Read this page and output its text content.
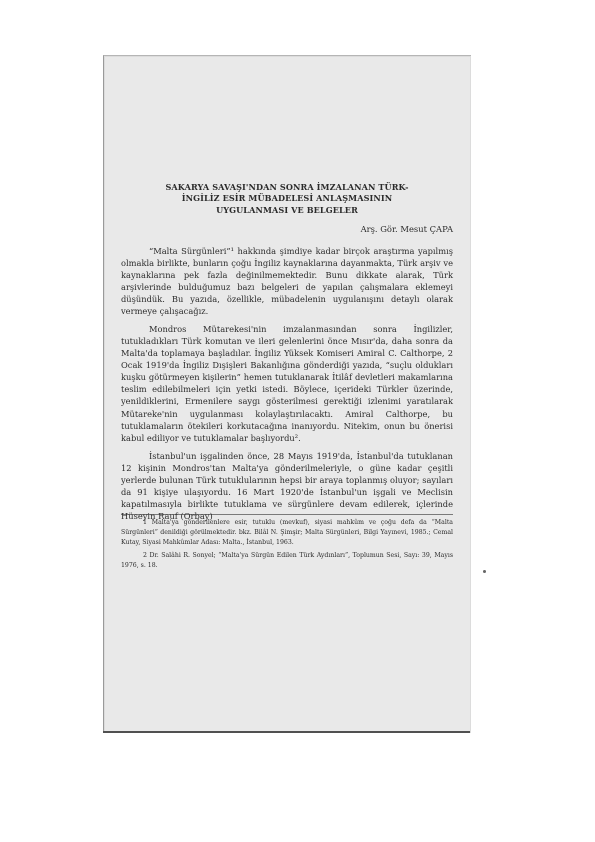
SAKARYA SAVAŞI'NDAN SONRA İMZALANAN TÜRK-

İNGİLİZ ESİR MÜBADELESİ ANLAŞMASININ

UYGULANMASI VE BELGELER

Arş. Gör. Mesut ÇAPA

“Malta Sürgünleri”¹ hakkında şimdiye kadar birçok araştırma yapılmış olmakla birlikte, bunların çoğu İngiliz kaynaklarına dayanmakta, Türk arşiv ve kaynaklarına pek fazla değinilmemektedir. Bunu dikkate alarak, Türk arşivlerinde bulduğumuz bazı belgeleri de yapılan çalışmalara eklemeyi düşündük. Bu yazıda, özellikle, mübadelenin uygulanışını detaylı olarak vermeye çalışacağız.

Mondros Mütarekesi'nin imzalanmasından sonra İngilizler, tutukladıkları Türk komutan ve ileri gelenlerini önce Mısır'da, daha sonra da Malta'da toplamaya başladılar. İngiliz Yüksek Komiseri Amiral C. Calthorpe, 2 Ocak 1919'da İngiliz Dışişleri Bakanlığına gönderdiği yazıda, “suçlu oldukları kuşku götürmeyen kişilerin” hemen tutuklanarak İtilâf devletleri makamlarına teslim edilebilmeleri için yetki istedi. Böylece, içerideki Türkler üzerinde, yenildiklerini, Ermenilere saygı gösterilmesi gerektiği izlenimi yaratılarak Mütareke'nin uygulanması kolaylaştırılacaktı. Amiral Calthorpe, bu tutuklamaların ötekileri korkutacağına inanıyordu. Nitekim, onun bu önerisi kabul ediliyor ve tutuklamalar başlıyordu².

İstanbul'un işgalinden önce, 28 Mayıs 1919'da, İstanbul'da tutuklanan 12 kişinin Mondros'tan Malta'ya gönderilmeleriyle, o güne kadar çeşitli yerlerde bulunan Türk tutuklularının hepsi bir araya toplanmış oluyor; sayıları da 91 kişiye ulaşıyordu. 16 Mart 1920'de İstanbul'un işgali ve Meclisin kapatılmasıyla birlikte tutuklama ve sürgünlere devam edilerek, içlerinde Hüseyin Rauf (Orbay)

1 Malta'ya gönderilenlere esir, tutuklu (mevkuf), siyasi mahkûm ve çoğu defa da “Malta Sürgünleri” denildiği görülmektedir. bkz. Bilâl N. Şimşir; Malta Sürgünleri, Bilgi Yayınevi, 1985.; Cemal Kutay, Siyasi Mahkûmlar Adası: Malta., İstanbul, 1963.

2 Dr. Salâhi R. Sonyel; “Malta'ya Sürgün Edilen Türk Aydınları”, Toplumun Sesi, Sayı: 39, Mayıs 1976, s. 18.
